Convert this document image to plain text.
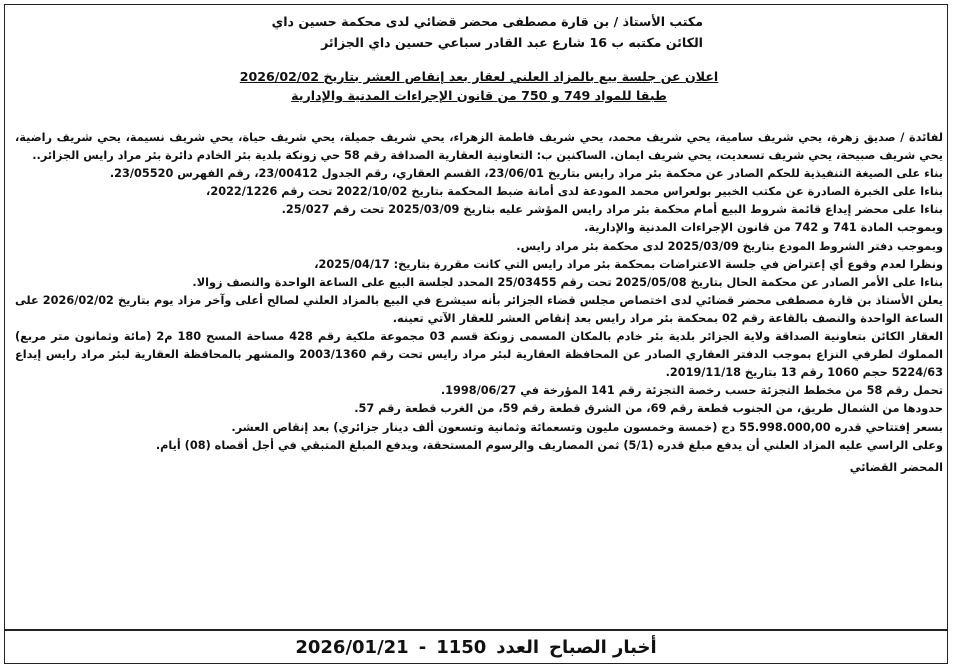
مكتب الأستاذ / بن قارة مصطفى محضر قضائي لدى محكمة حسين داي
الكائن مكتبه ب 16 شارع عبد القادر سباعي حسين داي الجزائر
اعلان عن جلسة بيع بالمزاد العلني لعقار بعد إنقاص العشر بتاريخ 2026/02/02
طبقا للمواد 749 و 750 من قانون الإجراءات المدنية والإدارية

لفائدة / صديق زهرة، يحي شريف سامية، يحي شريف محمد، يحي شريف فاطمة الزهراء، يحي شريف جميلة، يحي شريف حياة، يحي شريف نسيمة، يحي شريف راضية، يحي شريف صبيحة، يحي شريف تسعديت، يحي شريف ايمان. الساكنين ب: التعاونية العقارية الصداقة رقم 58 حي زونكة بلدية بئر الخادم دائرة بئر مراد رايس الجزائر..

بناء على الصيغة التنفيذية للحكم الصادر عن محكمة بئر مراد رايس بتاريخ 23/06/01، القسم العقاري، رقم الجدول 23/00412، رقم الفهرس 23/05520.

بناءا على الخبرة الصادرة عن مكتب الخبير بولعراس محمد المودعة لدى أمانة ضبط المحكمة بتاريخ 2022/10/02 تحت رقم 2022/1226،

بناءا على محضر إيداع قائمة شروط البيع أمام محكمة بئر مراد رايس المؤشر عليه بتاريخ 2025/03/09 تحت رقم 25/027.

وبموجب المادة 741 و 742 من قانون الإجراءات المدنية والإدارية.

وبموجب دفتر الشروط المودع بتاريخ 2025/03/09 لدى محكمة بئر مراد رايس.

ونظرا لعدم وقوع أي إعتراض في جلسة الاعتراضات بمحكمة بئر مراد رايس التي كانت مقررة بتاريخ: 2025/04/17،

بناءا على الأمر الصادر عن محكمة الحال بتاريخ 2025/05/08 تحت رقم 25/03455 المحدد لجلسة البيع على الساعة الواحدة والنصف زوالا.

يعلن الأستاذ بن قارة مصطفى محضر قضائي لدى اختصاص مجلس قضاء الجزائر بأنه سيشرع في البيع بالمزاد العلني لصالح أعلى وآخر مزاد يوم بتاريخ 2026/02/02 على الساعة الواحدة والنصف بالقاعة رقم 02 بمحكمة بئر مراد رايس بعد إنقاص العشر للعقار الآتي تعينه.

العقار الكائن بتعاونية الصداقة ولاية الجزائر بلدية بئر خادم بالمكان المسمى زونكة قسم 03 مجموعة ملكية رقم 428 مساحة المسح 180 م2 (مائة وثمانون متر مربع) المملوك لطرفي النزاع بموجب الدفتر العقاري الصادر عن المحافظة العقارية لبئر مراد رايس تحت رقم 2003/1360 والمشهر بالمحافظة العقارية لبئر مراد رايس إيداع 5224/63 حجم 1060 رقم 13 بتاريخ 2019/11/18.

تحمل رقم 58 من مخطط التجزئة حسب رخصة التجزئة رقم 141 المؤرخة في 1998/06/27.

حدودها من الشمال طريق، من الجنوب قطعة رقم 69، من الشرق قطعة رقم 59، من الغرب قطعة رقم 57.

بسعر إفتتاحي قدره 55.998.000,00 دج (خمسة وخمسون مليون وتسعمائة وثمانية وتسعون ألف دينار جزائري) بعد إنقاص العشر.

وعلى الراسي عليه المزاد العلني أن يدفع مبلغ قدره (5/1) ثمن المصاريف والرسوم المستحقة، ويدفع المبلغ المتبقي في أجل أقصاه (08) أيام.

المحضر القضائي
أخبار الصباح
العدد
1150
-
2026/01/21
